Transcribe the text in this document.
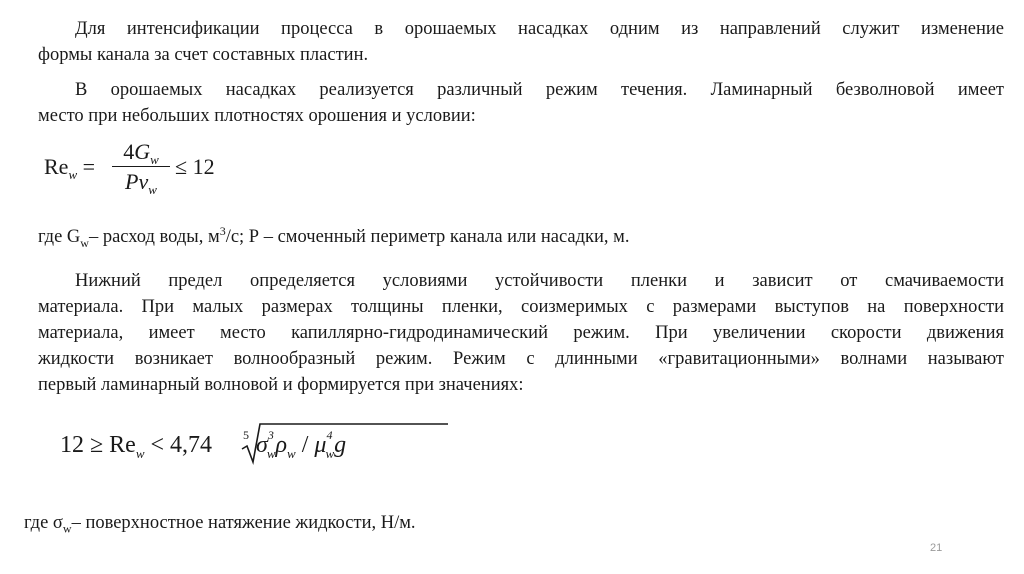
Для интенсификации процесса в орошаемых насадках одним из направлений служит изменение
формы канала за счет составных пластин.

В орошаемых насадках реализуется различный режим течения. Ламинарный безволновой имеет
место при небольших плотностях орошения и условии:

$Re_w$ =
$4G_w$
$P\nu_w$
≤ 12

где $G_w-$ расход воды, $м^3/с$; Р – смоченный периметр канала или насадки, м.

Нижний предел определяется условиями устойчивости пленки и зависит от смачиваемости
материала. При малых размерах толщины пленки, соизмеримых с размерами выступов на поверхности
материала, имеет место капиллярно-гидродинамический режим. При увеличении скорости движения
жидкости возникает волнообразный режим. Режим с длинными «гравитационными» волнами называют
первый ламинарный волновой и формируется при значениях:

$12 \ge Re_w < 4,74$	5 $\sigma^3_w\rho_w / \mu^4_wg$

где $\sigma_w-$ поверхностное натяжение жидкости, Н/м.

21
